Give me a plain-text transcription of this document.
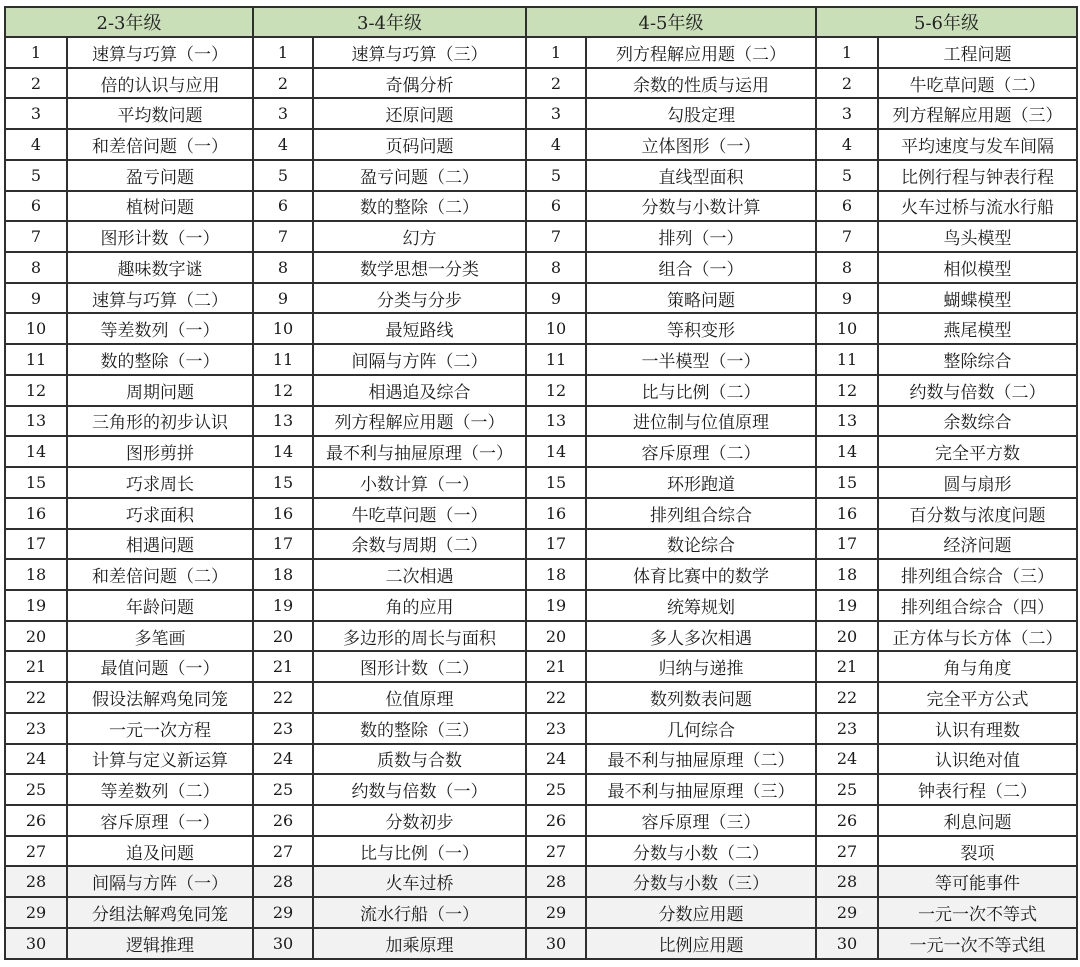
2-3年级		3-4年级		4-5年级		5-6年级	
1	速算与巧算（一）	1	速算与巧算（三）	1	列方程解应用题（二）	1	工程问题
2	倍的认识与应用	2	奇偶分析	2	余数的性质与运用	2	牛吃草问题（二）
3	平均数问题	3	还原问题	3	勾股定理	3	列方程解应用题（三）
4	和差倍问题（一）	4	页码问题	4	立体图形（一）	4	平均速度与发车间隔
5	盈亏问题	5	盈亏问题（二）	5	直线型面积	5	比例行程与钟表行程
6	植树问题	6	数的整除（二）	6	分数与小数计算	6	火车过桥与流水行船
7	图形计数（一）	7	幻方	7	排列（一）	7	鸟头模型
8	趣味数字谜	8	数学思想一分类	8	组合（一）	8	相似模型
9	速算与巧算（二）	9	分类与分步	9	策略问题	9	蝴蝶模型
10	等差数列（一）	10	最短路线	10	等积变形	10	燕尾模型
11	数的整除（一）	11	间隔与方阵（二）	11	一半模型（一）	11	整除综合
12	周期问题	12	相遇追及综合	12	比与比例（二）	12	约数与倍数（二）
13	三角形的初步认识	13	列方程解应用题（一）	13	进位制与位值原理	13	余数综合
14	图形剪拼	14	最不利与抽屉原理（一）	14	容斥原理（二）	14	完全平方数
15	巧求周长	15	小数计算（一）	15	环形跑道	15	圆与扇形
16	巧求面积	16	牛吃草问题（一）	16	排列组合综合	16	百分数与浓度问题
17	相遇问题	17	余数与周期（二）	17	数论综合	17	经济问题
18	和差倍问题（二）	18	二次相遇	18	体育比赛中的数学	18	排列组合综合（三）
19	年龄问题	19	角的应用	19	统筹规划	19	排列组合综合（四）
20	多笔画	20	多边形的周长与面积	20	多人多次相遇	20	正方体与长方体（二）
21	最值问题（一）	21	图形计数（二）	21	归纳与递推	21	角与角度
22	假设法解鸡兔同笼	22	位值原理	22	数列数表问题	22	完全平方公式
23	一元一次方程	23	数的整除（三）	23	几何综合	23	认识有理数
24	计算与定义新运算	24	质数与合数	24	最不利与抽屉原理（二）	24	认识绝对值
25	等差数列（二）	25	约数与倍数（一）	25	最不利与抽屉原理（三）	25	钟表行程（二）
26	容斥原理（一）	26	分数初步	26	容斥原理（三）	26	利息问题
27	追及问题	27	比与比例（一）	27	分数与小数（二）	27	裂项
28	间隔与方阵（一）	28	火车过桥	28	分数与小数（三）	28	等可能事件
29	分组法解鸡兔同笼	29	流水行船（一）	29	分数应用题	29	一元一次不等式
30	逻辑推理	30	加乘原理	30	比例应用题	30	一元一次不等式组
